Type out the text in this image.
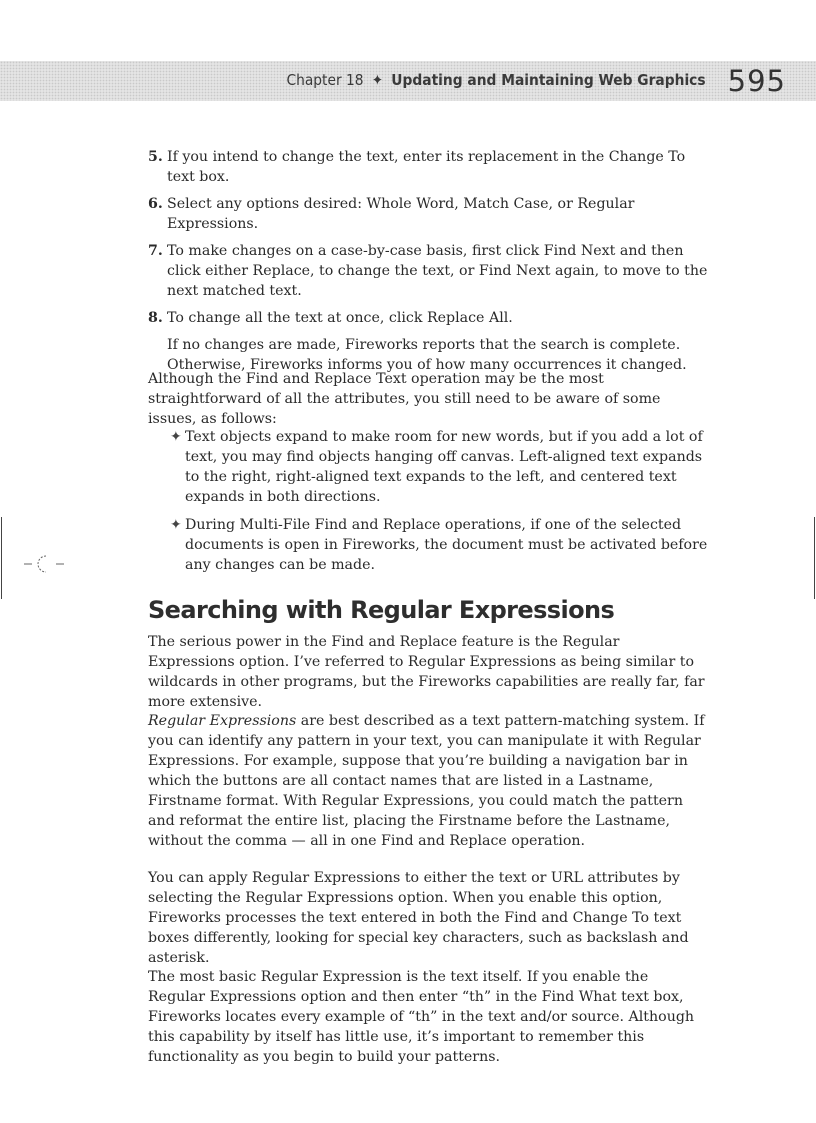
Chapter 18 ✦ Updating and Maintaining Web Graphics 595
5. If you intend to change the text, enter its replacement in the Change To text box.
6. Select any options desired: Whole Word, Match Case, or Regular Expressions.
7. To make changes on a case-by-case basis, first click Find Next and then click either Replace, to change the text, or Find Next again, to move to the next matched text.
8. To change all the text at once, click Replace All.
If no changes are made, Fireworks reports that the search is complete. Otherwise, Fireworks informs you of how many occurrences it changed.

Although the Find and Replace Text operation may be the most straightforward of all the attributes, you still need to be aware of some issues, as follows:

✦ Text objects expand to make room for new words, but if you add a lot of text, you may find objects hanging off canvas. Left-aligned text expands to the right, right-aligned text expands to the left, and centered text expands in both directions.
✦ During Multi-File Find and Replace operations, if one of the selected documents is open in Fireworks, the document must be activated before any changes can be made.
Searching with Regular Expressions

The serious power in the Find and Replace feature is the Regular Expressions option. I’ve referred to Regular Expressions as being similar to wildcards in other programs, but the Fireworks capabilities are really far, far more extensive.

Regular Expressions are best described as a text pattern-matching system. If you can identify any pattern in your text, you can manipulate it with Regular Expressions. For example, suppose that you’re building a navigation bar in which the buttons are all contact names that are listed in a Lastname, Firstname format. With Regular Expressions, you could match the pattern and reformat the entire list, placing the Firstname before the Lastname, without the comma — all in one Find and Replace operation.

You can apply Regular Expressions to either the text or URL attributes by selecting the Regular Expressions option. When you enable this option, Fireworks processes the text entered in both the Find and Change To text boxes differently, looking for special key characters, such as backslash and asterisk.

The most basic Regular Expression is the text itself. If you enable the Regular Expressions option and then enter “th” in the Find What text box, Fireworks locates every example of “th” in the text and/or source. Although this capability by itself has little use, it’s important to remember this functionality as you begin to build your patterns.
